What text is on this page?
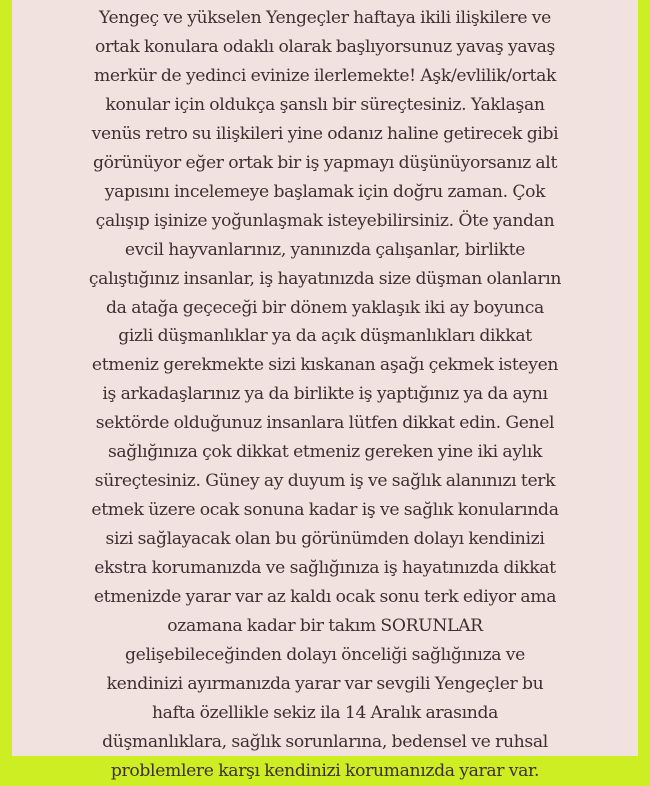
Yengeç ve yükselen Yengeçler haftaya ikili ilişkilere ve
ortak konulara odaklı olarak başlıyorsunuz yavaş yavaş
merkür de yedinci evinize ilerlemekte! Aşk/evlilik/ortak
konular için oldukça şanslı bir süreçtesiniz. Yaklaşan
venüs retro su ilişkileri yine odanız haline getirecek gibi
görünüyor eğer ortak bir iş yapmayı düşünüyorsanız alt
yapısını incelemeye başlamak için doğru zaman. Çok
çalışıp işinize yoğunlaşmak isteyebilirsiniz. Öte yandan
evcil hayvanlarınız, yanınızda çalışanlar, birlikte
çalıştığınız insanlar, iş hayatınızda size düşman olanların
da atağa geçeceği bir dönem yaklaşık iki ay boyunca
gizli düşmanlıklar ya da açık düşmanlıkları dikkat
etmeniz gerekmekte sizi kıskanan aşağı çekmek isteyen
iş arkadaşlarınız ya da birlikte iş yaptığınız ya da aynı
sektörde olduğunuz insanlara lütfen dikkat edin. Genel
sağlığınıza çok dikkat etmeniz gereken yine iki aylık
süreçtesiniz. Güney ay duyum iş ve sağlık alanınızı terk
etmek üzere ocak sonuna kadar iş ve sağlık konularında
sizi sağlayacak olan bu görünümden dolayı kendinizi
ekstra korumanızda ve sağlığınıza iş hayatınızda dikkat
etmenizde yarar var az kaldı ocak sonu terk ediyor ama
ozamana kadar bir takım SORUNLAR
gelişebileceğinden dolayı önceliği sağlığınıza ve
kendinizi ayırmanızda yarar var sevgili Yengeçler bu
hafta özellikle sekiz ila 14 Aralık arasında
düşmanlıklara, sağlık sorunlarına, bedensel ve ruhsal
problemlere karşı kendinizi korumanızda yarar var.
